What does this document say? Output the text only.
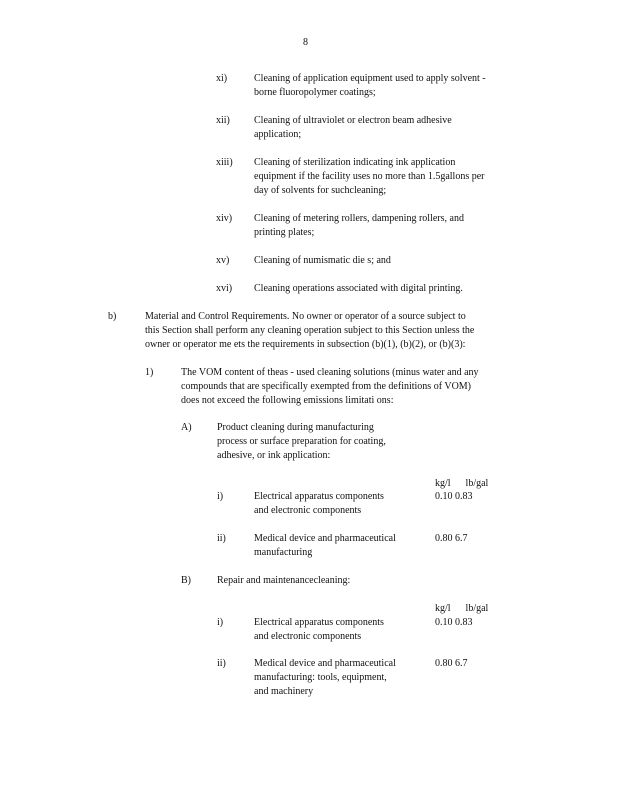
8
xi)	Cleaning of application equipment used to apply solvent -
borne fluoropolymer coatings;
xii) Cleaning of ultraviolet or electron beam adhesive
application;
xiii) Cleaning of sterilization indicating ink application
equipment if the facility uses no more than 1.5gallons per
day of solvents for suchcleaning;
xiv) Cleaning of metering rollers, dampening rollers, and
printing plates;
xv) Cleaning of numismatic die s; and
xvi) Cleaning operations associated with digital printing.
b)	Material and Control Requirements. No owner or operator of a source subject to
this Section shall perform any cleaning operation subject to this Section unless the
owner or operator me ets the requirements in subsection (b)(1), (b)(2), or (b)(3):
1)	The VOM content of theas - used cleaning solutions (minus water and any
compounds that are specifically exempted from the definitions of VOM)
does not exceed the following emissions limitati ons:
A)	Product cleaning during manufacturing
process or surface preparation for coating,
adhesive, or ink application:
kg/l      lb/gal
i)	Electrical apparatus components
and electronic components
0.10 0.83
ii)	Medical device and pharmaceutical
manufacturing
0.80 6.7
B)	Repair and maintenancecleaning:
kg/l      lb/gal
i)	Electrical apparatus components
and electronic components
0.10 0.83
ii)	Medical device and pharmaceutical
manufacturing: tools, equipment,
and machinery
0.80 6.7
